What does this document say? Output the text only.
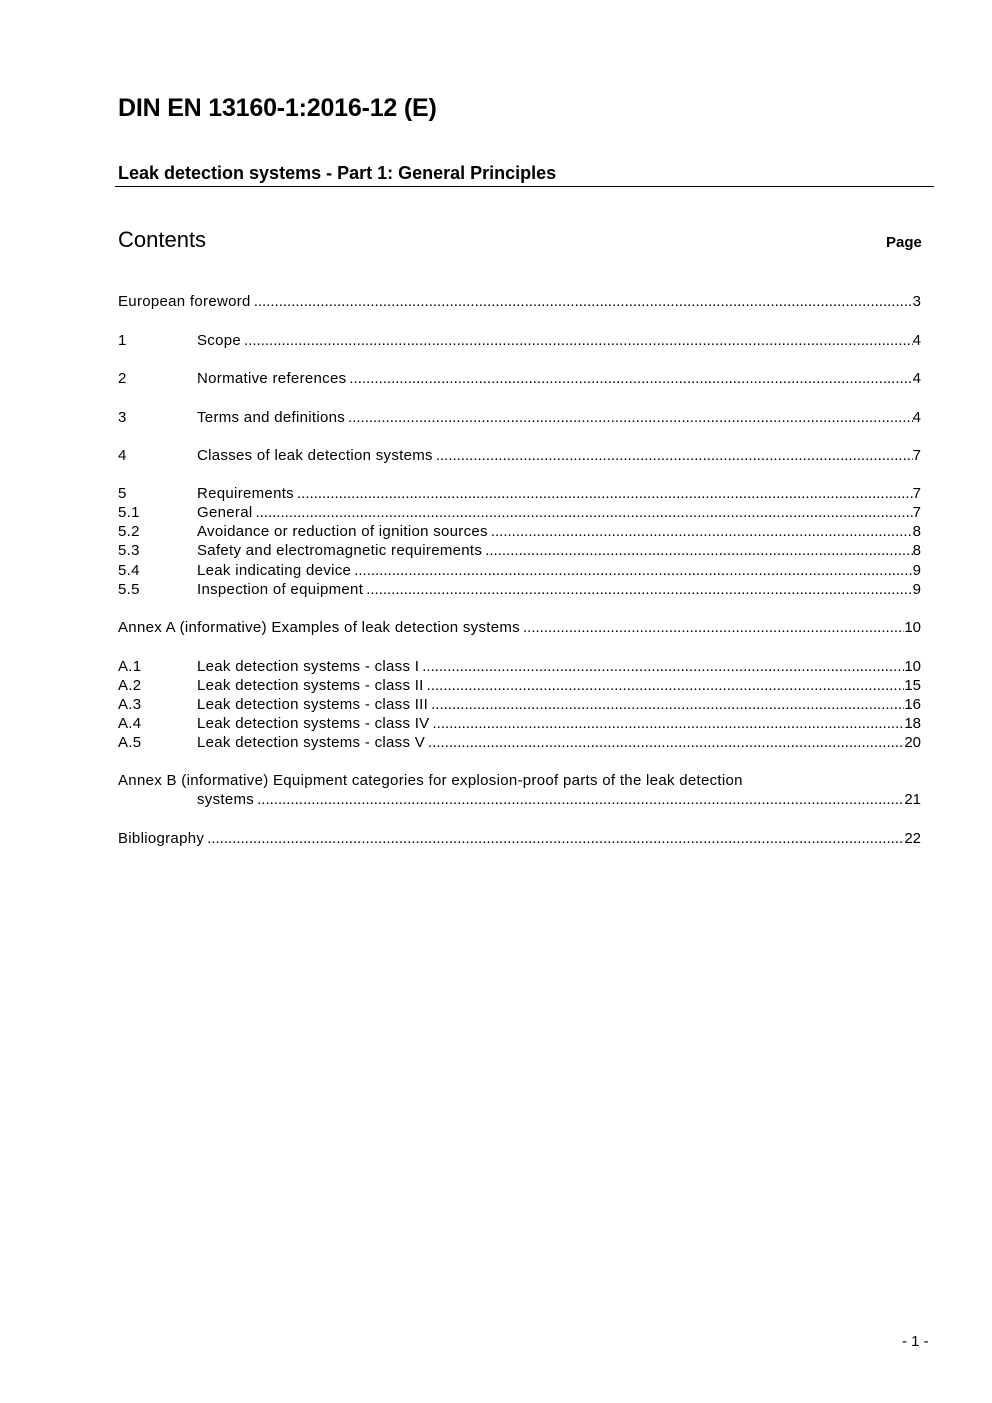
DIN EN 13160-1:2016-12 (E)
Leak detection systems - Part 1: General Principles
Contents	Page
European foreword .....	3
1	Scope .....	4
2	Normative references .....	4
3	Terms and definitions .....	4
4	Classes of leak detection systems .....	7
5	Requirements .....	7
5.1	General .....	7
5.2	Avoidance or reduction of ignition sources .....	8
5.3	Safety and electromagnetic requirements .....	8
5.4	Leak indicating device .....	9
5.5	Inspection of equipment .....	9
Annex A (informative) Examples of leak detection systems .....	10
A.1	Leak detection systems - class I .....	10
A.2	Leak detection systems - class II .....	15
A.3	Leak detection systems - class III .....	16
A.4	Leak detection systems - class IV .....	18
A.5	Leak detection systems - class V .....	20
Annex B (informative) Equipment categories for explosion-proof parts of the leak detection
systems .....	21
Bibliography .....	22
- 1 -
